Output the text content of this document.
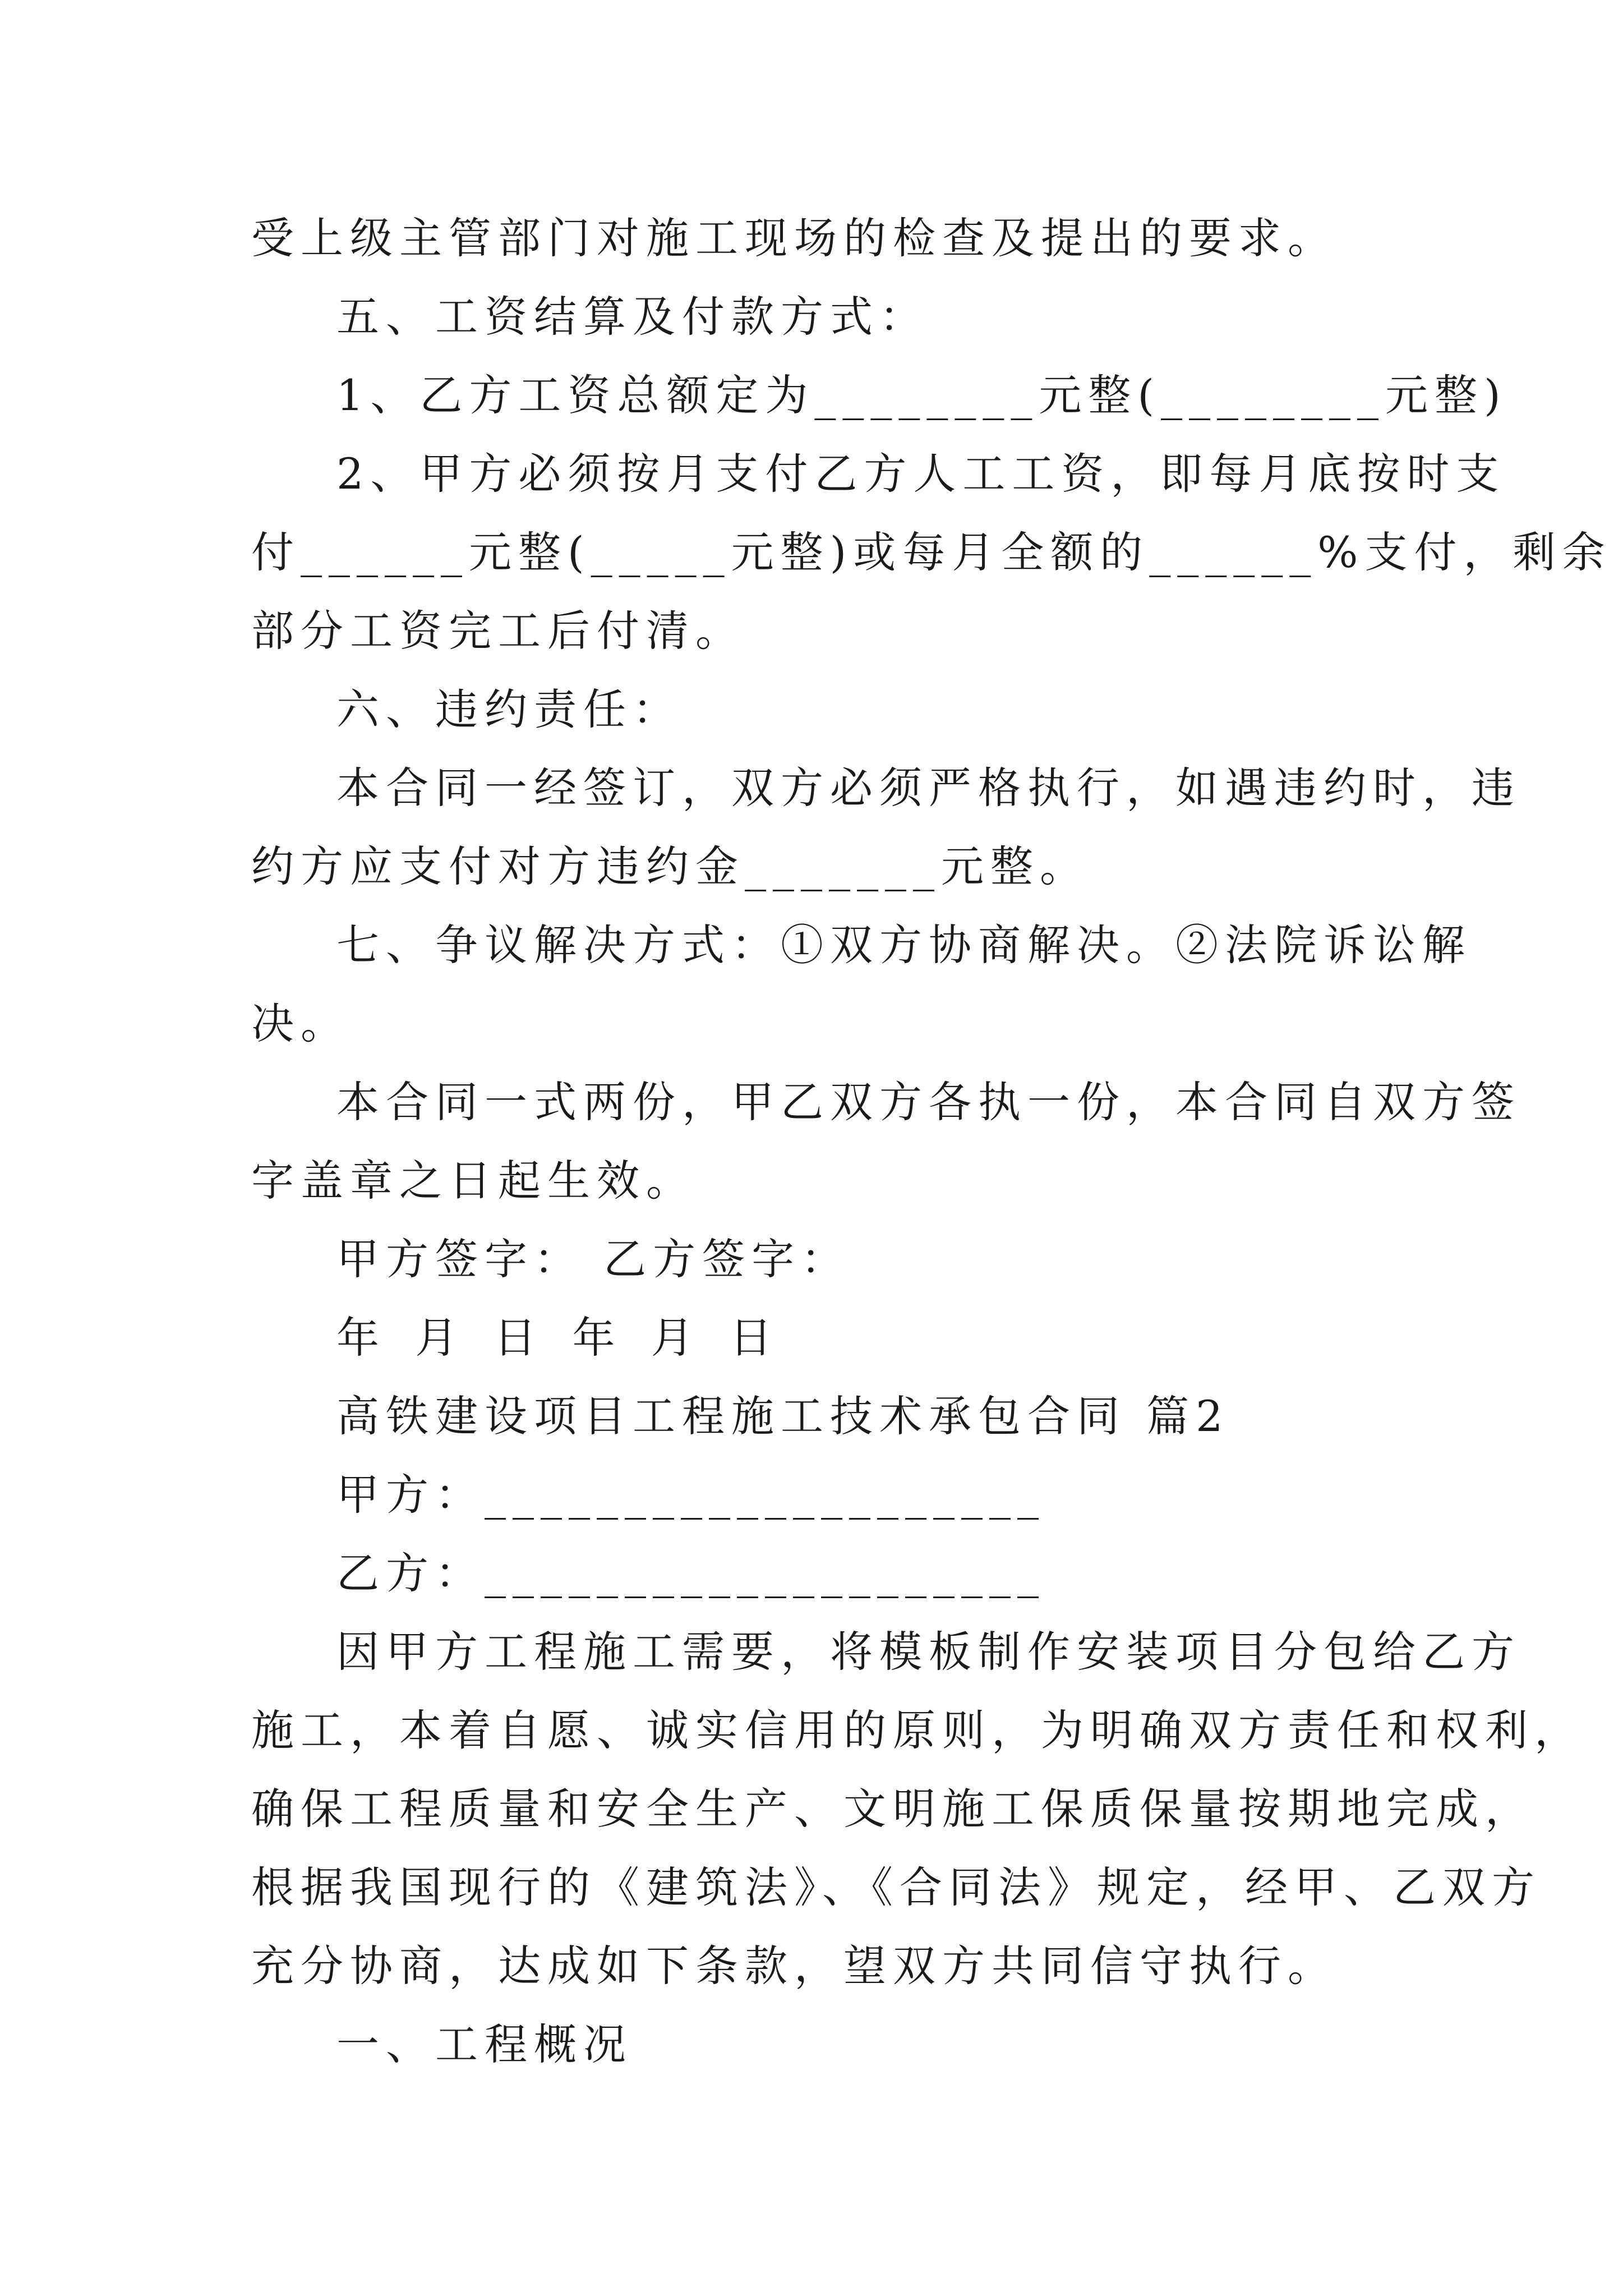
受上级主管部门对施工现场的检查及提出的要求。
五、工资结算及付款方式：
1、乙方工资总额定为________元整(________元整)
2、甲方必须按月支付乙方人工工资，即每月底按时支
付______元整(_____元整)或每月全额的______%支付，剩余
部分工资完工后付清。
六、违约责任：
本合同一经签订，双方必须严格执行，如遇违约时，违
约方应支付对方违约金_______元整。
七、争议解决方式：①双方协商解决。②法院诉讼解
决。
本合同一式两份，甲乙双方各执一份，本合同自双方签
字盖章之日起生效。
甲方签字： 乙方签字：
年 月 日 年 月 日
高铁建设项目工程施工技术承包合同 篇2
甲方：____________________
乙方：____________________
因甲方工程施工需要，将模板制作安装项目分包给乙方
施工，本着自愿、诚实信用的原则，为明确双方责任和权利，
确保工程质量和安全生产、文明施工保质保量按期地完成，
根据我国现行的《建筑法》、《合同法》规定，经甲、乙双方
充分协商，达成如下条款，望双方共同信守执行。
一、工程概况
